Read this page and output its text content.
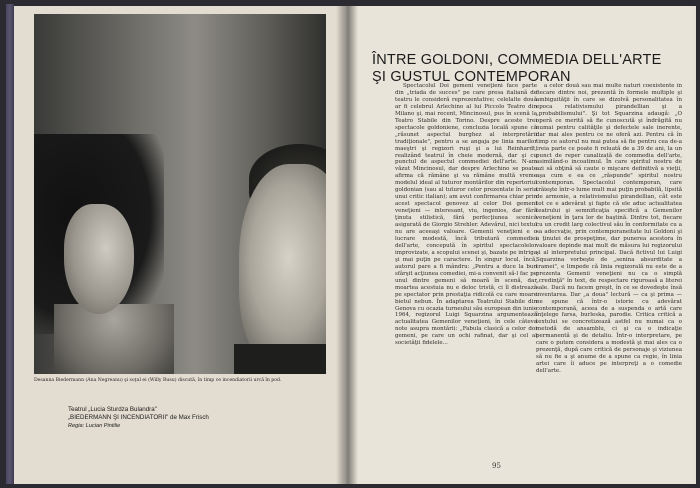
Desanna Biedermann (Ana Negreanu) şi soţul ei (Willy Rusu) discută, în timp ce incendiatorii urcă în pod.
Teatrul „Lucia Sturdza Bulandra"
„BIEDERMANN ŞI INCENDIATORII" de Max Frisch
Regia: Lucian Pintilie
ÎNTRE GOLDONI, COMMEDIA DELL'ARTE
ŞI GUSTUL CONTEMPORAN

Spectacolul Doi gemeni veneţieni face parte din „triada de succes" pe care presa italiană de teatru le consideră reprezentative; celelalte două ar fi celebrul Arlechino al lui Piccolo Teatro din Milano şi, mai recent, Mincinosul, pus în scenă la Teatro Stabile din Torino. Despre aceste trei spectacole goldoniene, concluzia locală spune că „răsunet aspectul burghez al interpretării tradiţionale", pentru a se angaja pe linia marilor maeştri şi regizori ruşi şi a lui Reinhardt, realizând teatrul în cheie modernă, dar şi cu punctul de aspectul commediei dell'arte. N-am văzut Mincinosul, dar despre Arlechino se poate afirma că rămâne şi va rămâne multă vreme modelul ideal al tuturor montărilor din repertoriul goldonian (sau al tuturor celor prezentate în seria unui critic italian); am avut confirmarea chiar prin acest spectacol genovez al celor Doi gemeni veneţieni — interesant, viu, ingenios, dar fără ţinuta stilistică, fără perfecţiunea scenică asigurată de Giorgio Strehler. Adevărul, nici textul nu are aceeaşi valoare. Gemenii veneţieni e o lucrare modestă, încă tributară commediei dell'arte, concepută în spiritul spectacolelor improvizate, a scopului scenei şi, bazate pe intriga şi mai puţin pe caractere. În singur locul, încă, autorul pare a fi mândru: „Pentru a duce la bun sfârşit acţiunea comediei, mi-a convenit să-l fac pe unul dintre gemeni să moară în scenă, dar moartea acestuia nu e deloc tristă, ci îl distrează pe spectator prin prestaţia ridicolă cu care moare bietul nebun. În adaptarea Teatrului Stabile din Genova cu ocazia turneului său european din iunie 1964, regizorul Luigi Squarzina argumentează actualitatea Gemenilor veneţieni, în cele câteva note asupra montării: „Fabula clasică a celor doi gemeni, pe care un ochi rafinat, dar şi cel al societăţii fidelele...

a celor două sau mai multe naturi coexistente în fiecare dintre noi, prezentă în formele multiple şi ambiguităţii în care se dizolvă personalitatea în epoca relativismului pirandellian şi a „probabilismului". Şi tot Squarzina adaugă: „O operă ce merită să fie cunoscută şi îndrăgită nu numai pentru calităţile şi defectele sale inerente, dar mai ales pentru ce ne oferă azi. Pentru că în timp ce autorul nu mai putea să fie pentru cea de-a treia parte ce poate fi reluată de a 39 de ani, la un punct de reper canalizată de commedia dell'arte, asimilând-o incoatimul. În care spiritul nostru de azi să obţină să caute o mişcare definitivă a vieţii, aşa cum e ea ce „răspunde" spiritul nostru contemporan. Spectacolul contemporan, care trăieşte într-o lume mult mai puţin probabilă, lipsită de armonie, a relativismului pirandellian, cât este tot ce e adevărat şi fapte că ele aduc actualitatea teatrului şi semnificaţia specifică a Gemenilor veneţieni în ţara lor de baştină. Dintre tot, fiecare cu un credit larg colectivul său în conformitate cu a sa adecvaţie, prin contemporaneitate lui Goldoni şi a ţinutei de prospeţime, dar punerea acestora în valoare depinde mai mult de măsura lui regizorului şi al interpretului principal. Dacă fictivul lui Luigi Squarzina vorbeşte de „senina absurditate a tramei", e limpede că linia regizorală nu este de a prezenta Gemenii veneţieni nu ca o simplă „credinţă" în text, de respectare riguroasă a literei sale. Dacă nu facem greşit, în ce se dovedeşte însă inventarea. Dar „a doua" lectură — ca şi prima — ne spune că într-o istorie cu adevărat contemporană, aceea de a suspenda o artă care înţelege farsa, burleska, parodie. Critica critică a textului se concretizează astfel nu numai ca o metodă de ansamblu, ci şi ca o indicaţie permanentă şi de detaliu. Într-o interpretare, pe care o putem considera a modestă şi mai ales ca o prezenţă, după care critică de personaje şi viziunea să nu fie a şi anume de a spune ca regie, în linia artei care îi aduce pe interpreţi a o comedie dell'arte.

95
